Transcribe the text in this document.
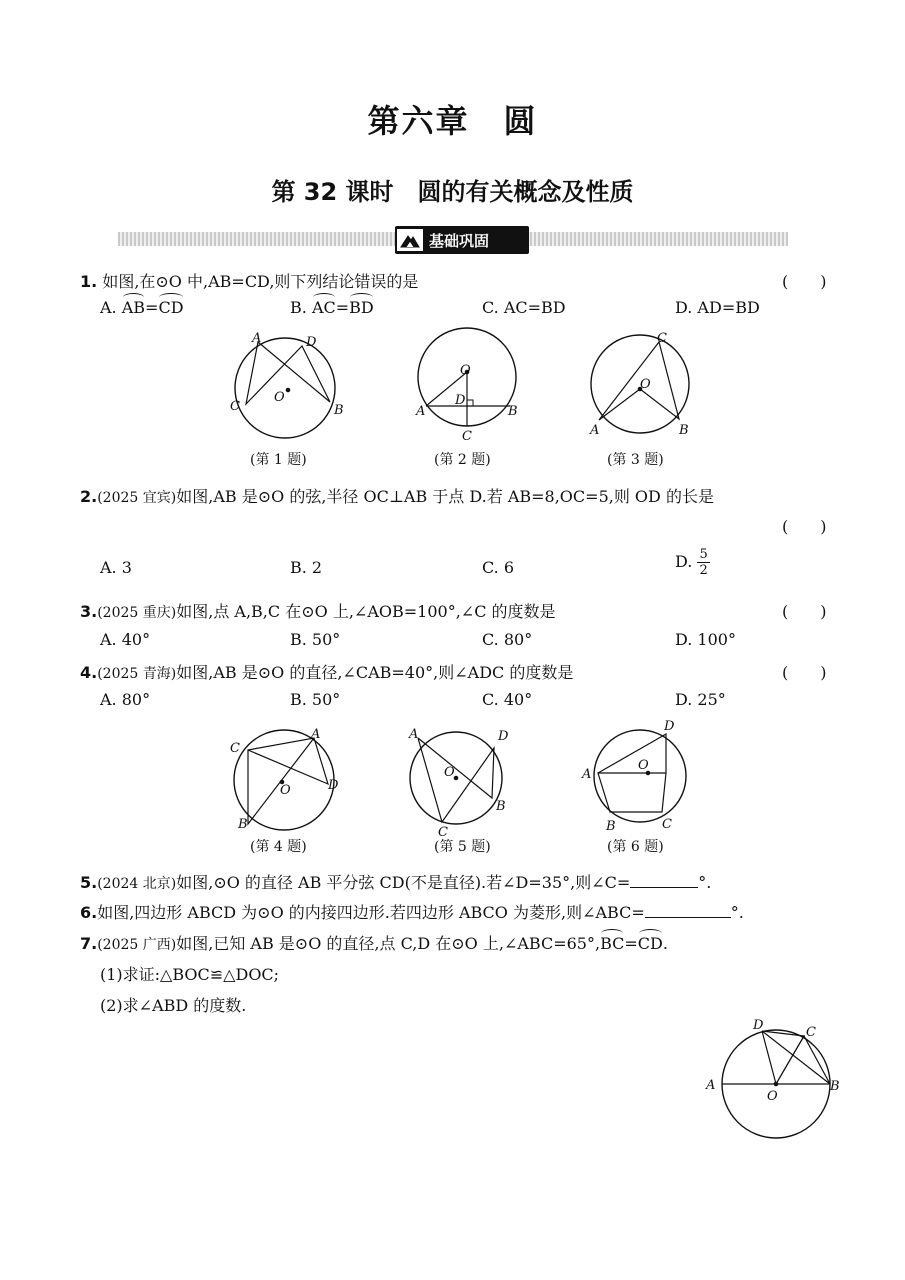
第六章　圆
第 32 课时　圆的有关概念及性质
基础巩固
1. 如图,在⊙O 中,AB=CD,则下列结论错误的是	(　　)
A. AB=CD	B. AC=BD	C. AC=BD	D. AD=BD
A	D
O
C	B
(第 1 题)
O
A
D
B
C
(第 2 题)
C
O
A	B
(第 3 题)
2.(2025 宜宾)如图,AB 是⊙O 的弦,半径 OC⊥AB 于点 D.若 AB=8,OC=5,则 OD 的长是
(　　)
A. 3	B. 2	C. 6	D. $\frac{5}{2}$
3.(2025 重庆)如图,点 A,B,C 在⊙O 上,∠AOB=100°,∠C 的度数是	(　　)
A. 40°	B. 50°	C. 80°	D. 100°
4.(2025 青海)如图,AB 是⊙O 的直径,∠CAB=40°,则∠ADC 的度数是	(　　)
A. 80°	B. 50°	C. 40°	D. 25°
C
A
O	D
B
(第 4 题)
A	D
O
C
B
(第 5 题)
D
A
O
B	C
(第 6 题)
5.(2024 北京)如图,⊙O 的直径 AB 平分弦 CD(不是直径).若∠D=35°,则∠C=	°.
6.如图,四边形 ABCD 为⊙O 的内接四边形.若四边形 ABCO 为菱形,则∠ABC=	°.
7.(2025 广西)如图,已知 AB 是⊙O 的直径,点 C,D 在⊙O 上,∠ABC=65°,BC=CD.
(1)求证:△BOC≌△DOC;
(2)求∠ABD 的度数.
D	C
A
O
B
